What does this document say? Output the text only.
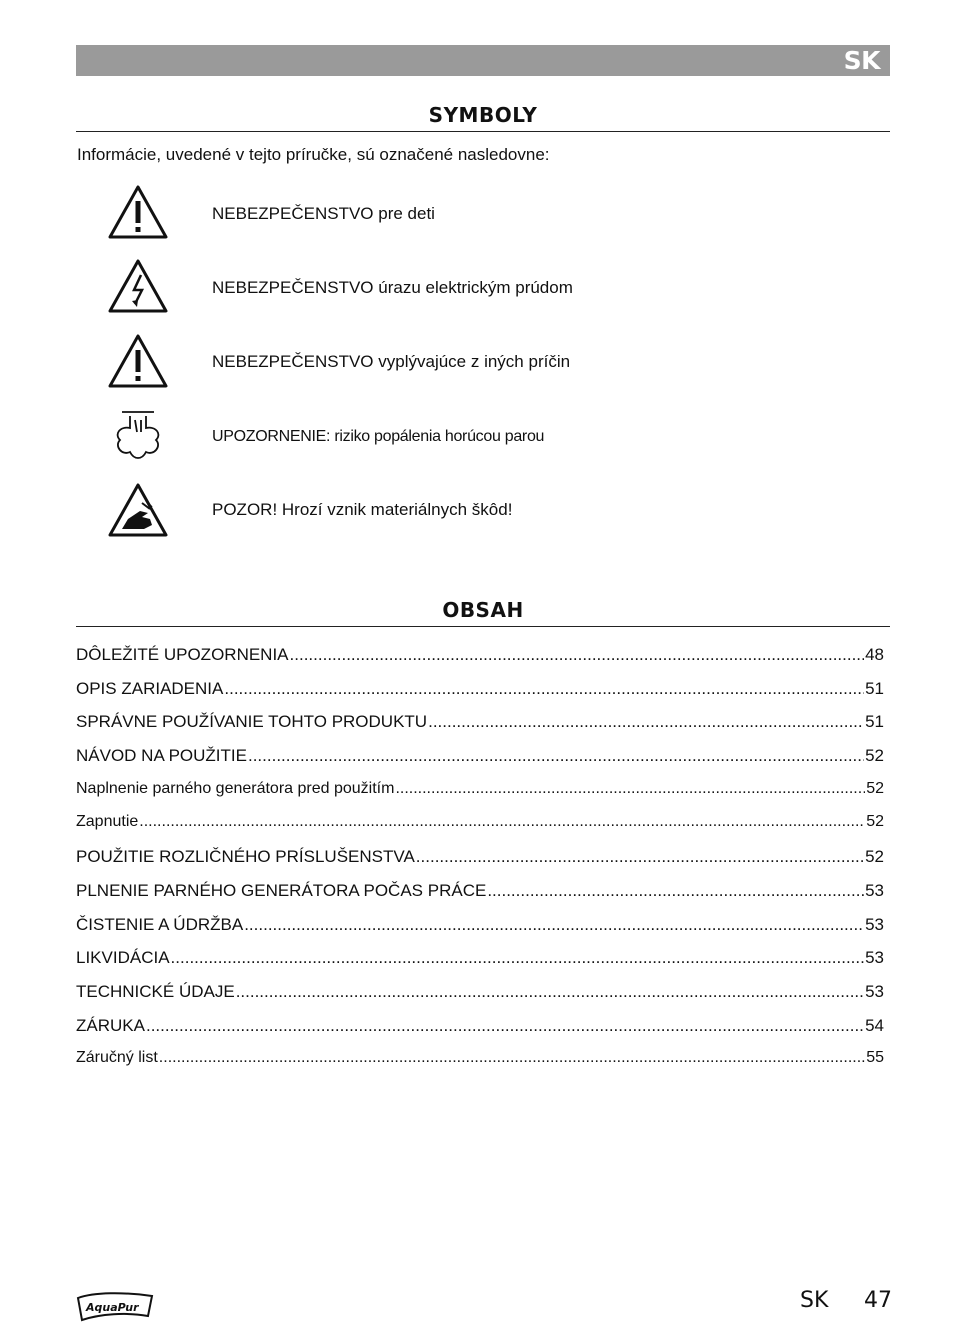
SK
SYMBOLY
Informácie, uvedené v tejto príručke, sú označené nasledovne:
NEBEZPEČENSTVO pre deti
NEBEZPEČENSTVO úrazu elektrickým prúdom
NEBEZPEČENSTVO vyplývajúce z iných príčin
UPOZORNENIE: riziko popálenia horúcou parou
POZOR! Hrozí vznik materiálnych škôd!
OBSAH
DÔLEŽITÉ UPOZORNENIA .....	48
OPIS ZARIADENIA .....	51
SPRÁVNE POUŽÍVANIE TOHTO PRODUKTU .....	51
NÁVOD NA POUŽITIE .....	52
Naplnenie parného generátora pred použitím .....	52
Zapnutie .....	52
POUŽITIE ROZLIČNÉHO PRÍSLUŠENSTVA .....	52
PLNENIE PARNÉHO GENERÁTORA POČAS PRÁCE .....	53
ČISTENIE A ÚDRŽBA .....	53
LIKVIDÁCIA .....	53
TECHNICKÉ ÚDAJE .....	53
ZÁRUKA .....	54
Záručný list .....	55
AquaPur	SK 47
